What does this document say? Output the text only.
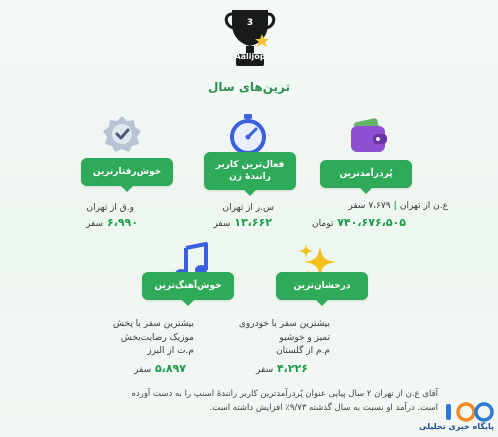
3
Aalijop
ترین‌های سال
پُردرآمدترین
ع.ن از تهران|۷،۶۷۹ سفر
۷۴۰،۶۷۶،۵۰۵ تومان
فعال‌ترین کاربر رانندهٔ زن
س.ر از تهران
۱۳،۶۶۲ سفر
خوش‌رفتارترین
و.ق از تهران
۶،۹۹۰ سفر
درخشان‌ترین
بیشترین سفر با خودروی
تمیز و خوشبو
م.م از گلستان
۴،۲۲۶ سفر
خوش‌آهنگ‌ترین
بیشترین سفر با پخش
موزیک رضایت‌بخش
م.ت از البرز
۵،۸۹۷ سفر
آقای ع.ن از تهران ۲ سال پیاپی عنوان پُردرآمدترین کاربر رانندهٔ اسنپ را به دست آورده
است. درآمد او نسبت به سال گذشته ۹/۷۳٪ افزایش داشته است.
پایگاه خبری تحلیلی
